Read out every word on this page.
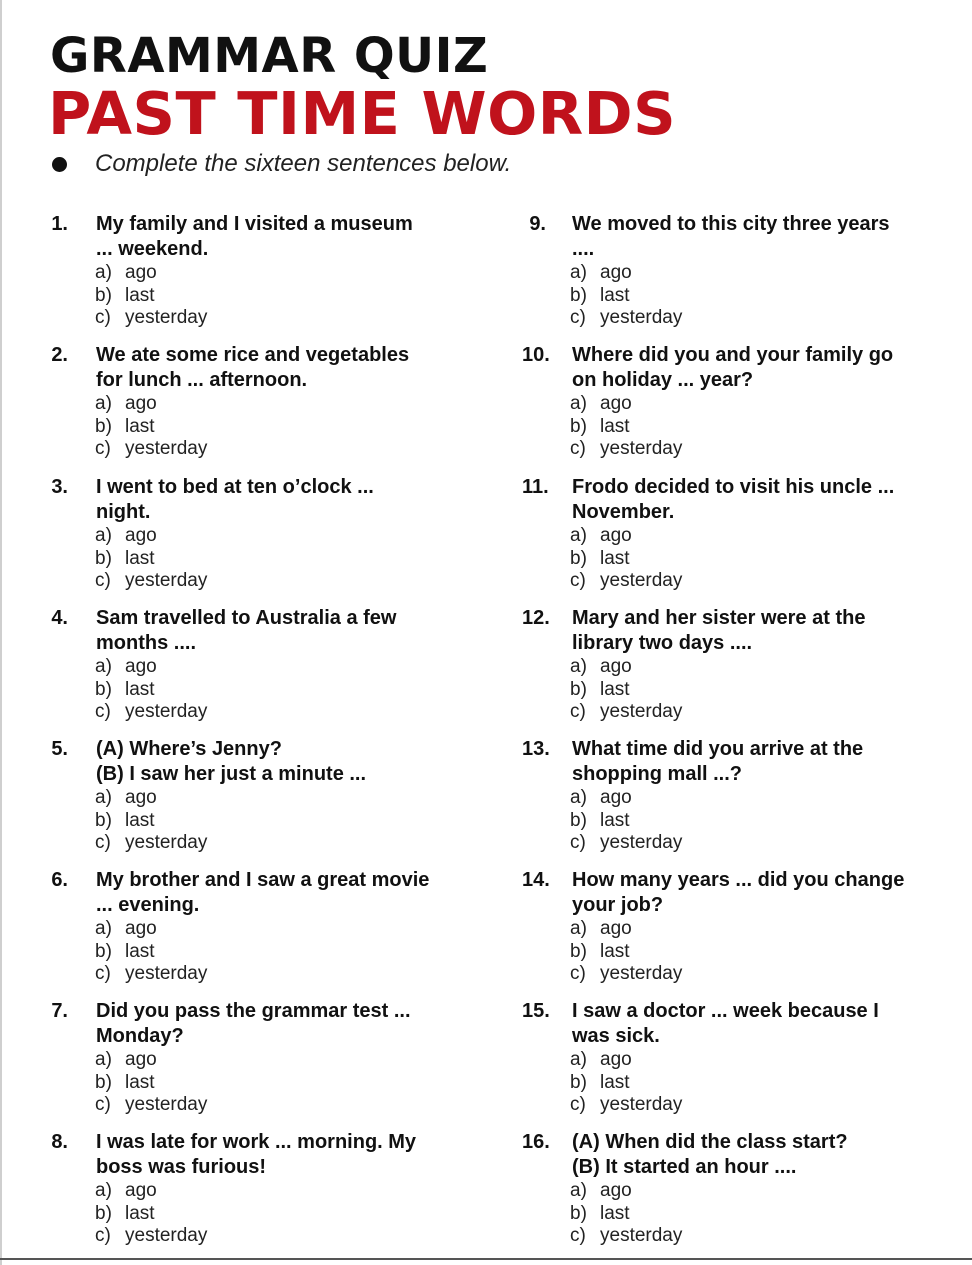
GRAMMAR QUIZ
PAST TIME WORDS
Complete the sixteen sentences below.
1. My family and I visited a museum
... weekend.
a) ago
b) last
c) yesterday
2. We ate some rice and vegetables
for lunch ... afternoon.
a) ago
b) last
c) yesterday
3. I went to bed at ten o’clock ...
night.
a) ago
b) last
c) yesterday
4. Sam travelled to Australia a few
months ....
a) ago
b) last
c) yesterday
5. (A) Where’s Jenny?
(B) I saw her just a minute ...
a) ago
b) last
c) yesterday
6. My brother and I saw a great movie
... evening.
a) ago
b) last
c) yesterday
7. Did you pass the grammar test ...
Monday?
a) ago
b) last
c) yesterday
8. I was late for work ... morning. My
boss was furious!
a) ago
b) last
c) yesterday
9. We moved to this city three years
....
a) ago
b) last
c) yesterday
10. Where did you and your family go
on holiday ... year?
a) ago
b) last
c) yesterday
11. Frodo decided to visit his uncle ...
November.
a) ago
b) last
c) yesterday
12. Mary and her sister were at the
library two days ....
a) ago
b) last
c) yesterday
13. What time did you arrive at the
shopping mall ...?
a) ago
b) last
c) yesterday
14. How many years ... did you change
your job?
a) ago
b) last
c) yesterday
15. I saw a doctor ... week because I
was sick.
a) ago
b) last
c) yesterday
16. (A) When did the class start?
(B) It started an hour ....
a) ago
b) last
c) yesterday
